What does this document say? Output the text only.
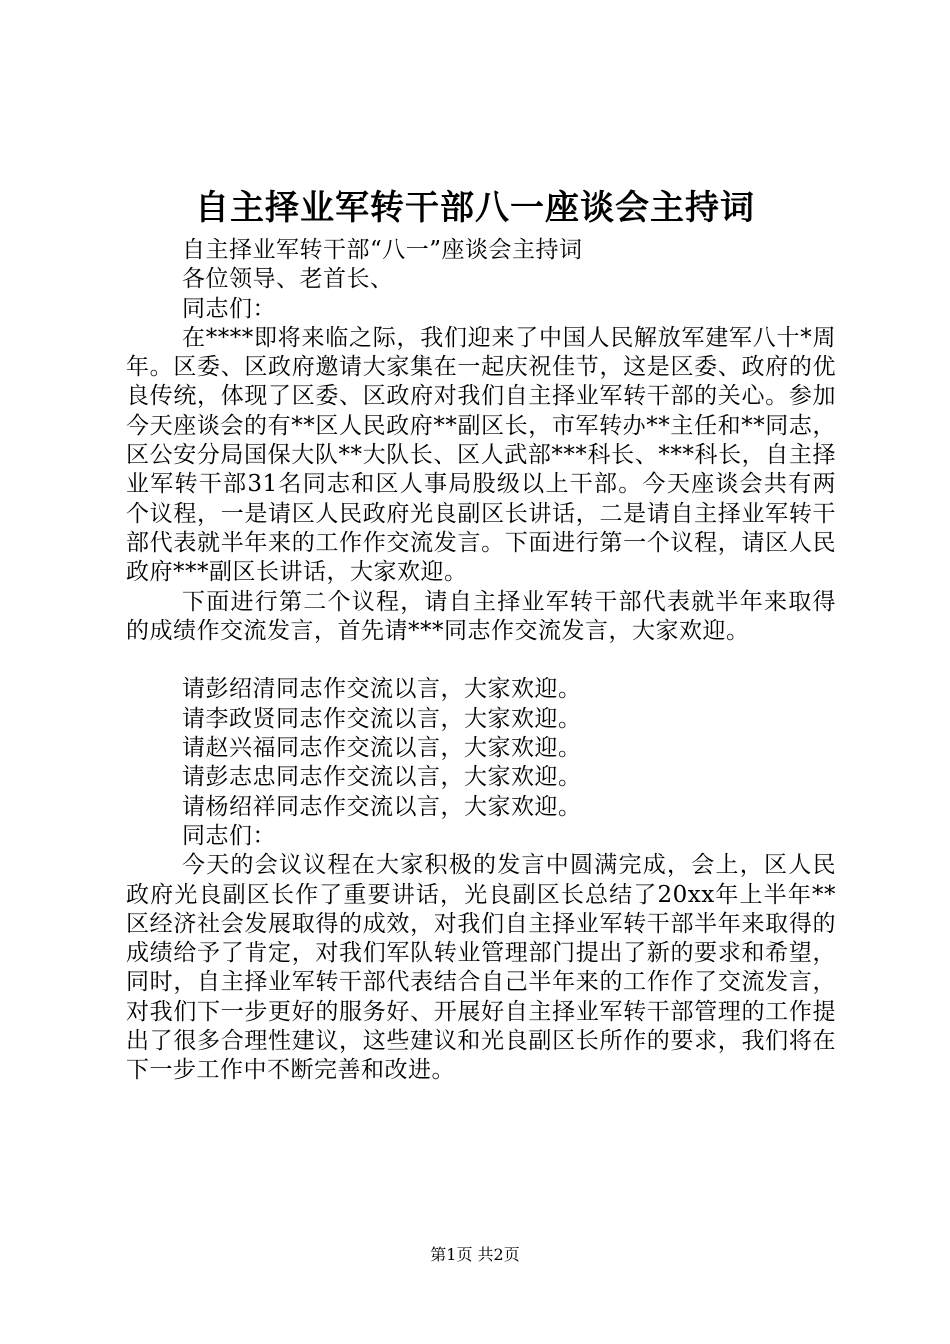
自主择业军转干部八一座谈会主持词
自主择业军转干部“八一”座谈会主持词
各位领导、老首长、
同志们：
在****即将来临之际，我们迎来了中国人民解放军建军八十*周年。区委、区政府邀请大家集在一起庆祝佳节，这是区委、政府的优良传统，体现了区委、区政府对我们自主择业军转干部的关心。参加今天座谈会的有**区人民政府**副区长，市军转办**主任和**同志，区公安分局国保大队**大队长、区人武部***科长、***科长，自主择业军转干部31名同志和区人事局股级以上干部。今天座谈会共有两个议程，一是请区人民政府光良副区长讲话，二是请自主择业军转干部代表就半年来的工作作交流发言。下面进行第一个议程，请区人民政府***副区长讲话，大家欢迎。
下面进行第二个议程，请自主择业军转干部代表就半年来取得的成绩作交流发言，首先请***同志作交流发言，大家欢迎。
请彭绍清同志作交流以言，大家欢迎。
请李政贤同志作交流以言，大家欢迎。
请赵兴福同志作交流以言，大家欢迎。
请彭志忠同志作交流以言，大家欢迎。
请杨绍祥同志作交流以言，大家欢迎。
同志们：
今天的会议议程在大家积极的发言中圆满完成，会上，区人民政府光良副区长作了重要讲话，光良副区长总结了20xx年上半年**区经济社会发展取得的成效，对我们自主择业军转干部半年来取得的成绩给予了肯定，对我们军队转业管理部门提出了新的要求和希望，同时，自主择业军转干部代表结合自己半年来的工作作了交流发言，对我们下一步更好的服务好、开展好自主择业军转干部管理的工作提出了很多合理性建议，这些建议和光良副区长所作的要求，我们将在下一步工作中不断完善和改进。
第1页 共2页
